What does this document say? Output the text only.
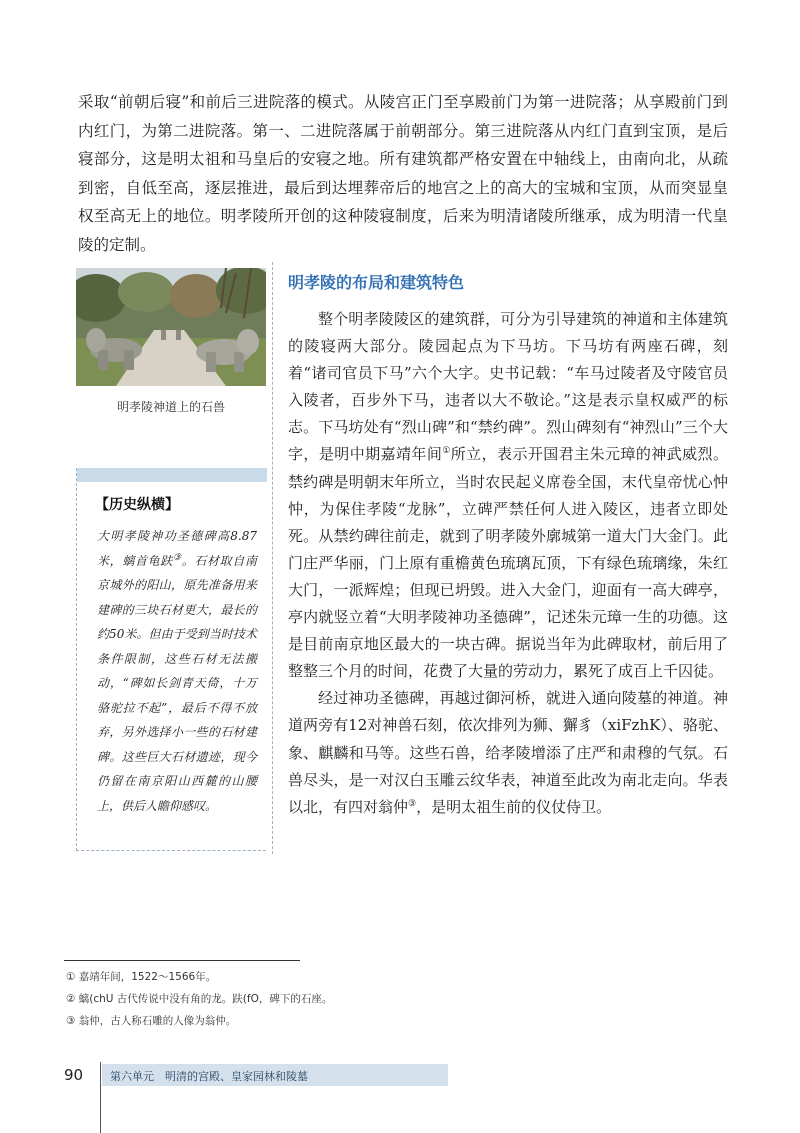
采取“前朝后寝”和前后三进院落的模式。从陵宫正门至享殿前门为第一进院落；从享殿前门到内红门，为第二进院落。第一、二进院落属于前朝部分。第三进院落从内红门直到宝顶，是后寝部分，这是明太祖和马皇后的安寝之地。所有建筑都严格安置在中轴线上，由南向北，从疏到密，自低至高，逐层推进，最后到达埋葬帝后的地宫之上的高大的宝城和宝顶，从而突显皇权至高无上的地位。明孝陵所开创的这种陵寝制度，后来为明清诸陵所继承，成为明清一代皇陵的定制。

明孝陵神道上的石兽

【历史纵横】

大明孝陵神功圣德碑高8.87米，螭首龟趺③。石材取自南京城外的阳山，原先准备用来建碑的三块石材更大，最长的约50米。但由于受到当时技术条件限制，这些石材无法搬动，“碑如长剑青天倚，十万骆驼拉不起”，最后不得不放弃，另外选择小一些的石材建碑。这些巨大石材遗迹，现今仍留在南京阳山西麓的山腰上，供后人瞻仰感叹。

明孝陵的布局和建筑特色

整个明孝陵陵区的建筑群，可分为引导建筑的神道和主体建筑的陵寝两大部分。陵园起点为下马坊。下马坊有两座石碑，刻着“诸司官员下马”六个大字。史书记载：“车马过陵者及守陵官员入陵者，百步外下马，违者以大不敬论。”这是表示皇权威严的标志。下马坊处有“烈山碑”和“禁约碑”。烈山碑刻有“神烈山”三个大字，是明中期嘉靖年间①所立，表示开国君主朱元璋的神武威烈。禁约碑是明朝末年所立，当时农民起义席卷全国，末代皇帝忧心忡忡，为保住孝陵“龙脉”，立碑严禁任何人进入陵区，违者立即处死。从禁约碑往前走，就到了明孝陵外廓城第一道大门大金门。此门庄严华丽，门上原有重檐黄色琉璃瓦顶，下有绿色琉璃缘，朱红大门，一派辉煌；但现已坍毁。进入大金门，迎面有一高大碑亭，亭内就竖立着“大明孝陵神功圣德碑”，记述朱元璋一生的功德。这是目前南京地区最大的一块古碑。据说当年为此碑取材，前后用了整整三个月的时间，花费了大量的劳动力，累死了成百上千囚徒。

经过神功圣德碑，再越过御河桥，就进入通向陵墓的神道。神道两旁有12对神兽石刻，依次排列为狮、獬豸（xiFzhK）、骆驼、象、麒麟和马等。这些石兽，给孝陵增添了庄严和肃穆的气氛。石兽尽头，是一对汉白玉雕云纹华表，神道至此改为南北走向。华表以北，有四对翁仲③，是明太祖生前的仪仗侍卫。

① 嘉靖年间，1522～1566年。
② 螭(chU 古代传说中没有角的龙。趺(fO，碑下的石座。
③ 翁仲，古人称石雕的人像为翁仲。
90 第六单元　明清的宫殿、皇家园林和陵墓
